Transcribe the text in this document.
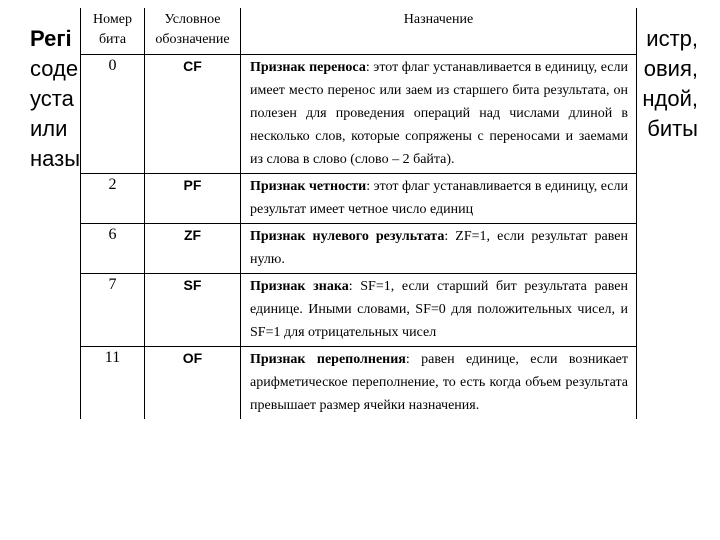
Регі	истр,
соде	овия,
уста	ндой,
или	биты
назы
Номер бита	Условное обозначение	Назначение
0	CF	Признак переноса: этот флаг устанавливается в единицу, если имеет место перенос или заем из старшего бита результата, он полезен для проведения операций над числами длиной в несколько слов, которые сопряжены с переносами и заемами из слова в слово (слово – 2 байта).
2	PF	Признак четности: этот флаг устанавливается в единицу, если результат имеет четное число единиц
6	ZF	Признак нулевого результата: ZF=1, если результат равен нулю.
7	SF	Признак знака: SF=1, если старший бит результата равен единице. Иными словами, SF=0 для положительных чисел, и SF=1 для отрицательных чисел
11	OF	Признак переполнения: равен единице, если возникает арифметическое переполнение, то есть когда объем результата превышает размер ячейки назначения.
